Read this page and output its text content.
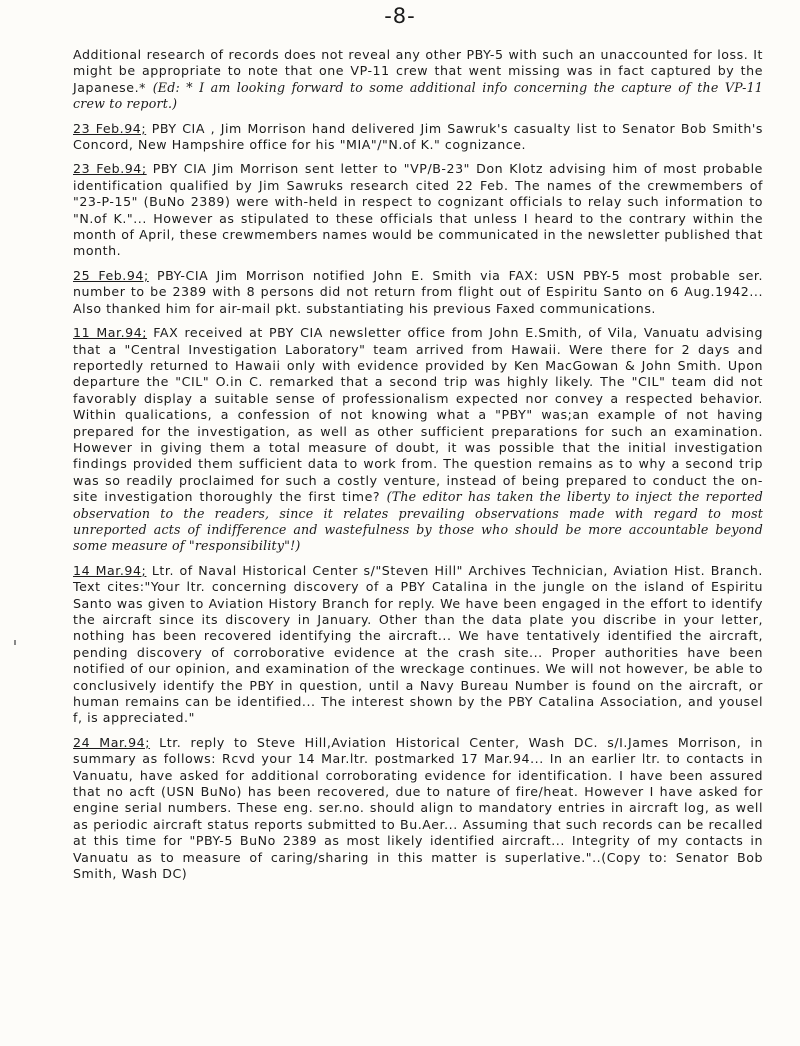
-8-

Additional research of records does not reveal any other PBY-5 with such an unaccounted for loss. It might be appropriate to note that one VP-11 crew that went missing was in fact captured by the Japanese.* (Ed: * I am looking forward to some additional info concerning the capture of the VP-11 crew to report.)

23 Feb.94; PBY CIA , Jim Morrison hand delivered Jim Sawruk's casualty list to Senator Bob Smith's Concord, New Hampshire office for his "MIA"/"N.of K." cognizance.

23 Feb.94; PBY CIA Jim Morrison sent letter to "VP/B-23" Don Klotz advising him of most probable identification qualified by Jim Sawruks research cited 22 Feb. The names of the crewmembers of "23-P-15" (BuNo 2389) were with-held in respect to cognizant officials to relay such information to "N.of K."... However as stipulated to these officials that unless I heard to the contrary within the month of April, these crewmembers names would be communicated in the newsletter published that month.

25 Feb.94; PBY-CIA Jim Morrison notified John E. Smith via FAX: USN PBY-5 most probable ser. number to be 2389 with 8 persons did not return from flight out of Espiritu Santo on 6 Aug.1942... Also thanked him for air-mail pkt. substantiating his previous Faxed communications.

11 Mar.94; FAX received at PBY CIA newsletter office from John E.Smith, of Vila, Vanuatu advising that a "Central Investigation Laboratory" team arrived from Hawaii. Were there for 2 days and reportedly returned to Hawaii only with evidence provided by Ken MacGowan & John Smith. Upon departure the "CIL" O.in C. remarked that a second trip was highly likely. The "CIL" team did not favorably display a suitable sense of professionalism expected nor convey a respected behavior. Within qualications, a confession of not knowing what a "PBY" was;an example of not having prepared for the investigation, as well as other sufficient preparations for such an examination. However in giving them a total measure of doubt, it was possible that the initial investigation findings provided them sufficient data to work from. The question remains as to why a second trip was so readily proclaimed for such a costly venture, instead of being prepared to conduct the on-site investigation thoroughly the first time? (The editor has taken the liberty to inject the reported observation to the readers, since it relates prevailing observations made with regard to most unreported acts of indifference and wastefulness by those who should be more accountable beyond some measure of "responsibility"!)

14 Mar.94; Ltr. of Naval Historical Center s/"Steven Hill" Archives Technician, Aviation Hist. Branch. Text cites:"Your ltr. concerning discovery of a PBY Catalina in the jungle on the island of Espiritu Santo was given to Aviation History Branch for reply. We have been engaged in the effort to identify the aircraft since its discovery in January. Other than the data plate you discribe in your letter, nothing has been recovered identifying the aircraft... We have tentatively identified the aircraft, pending discovery of corroborative evidence at the crash site... Proper authorities have been notified of our opinion, and examination of the wreckage continues. We will not however, be able to conclusively identify the PBY in question, until a Navy Bureau Number is found on the aircraft, or human remains can be identified... The interest shown by the PBY Catalina Association, and yousel f, is appreciated."

24 Mar.94; Ltr. reply to Steve Hill,Aviation Historical Center, Wash DC. s/I.James Morrison, in summary as follows: Rcvd your 14 Mar.ltr. postmarked 17 Mar.94... In an earlier ltr. to contacts in Vanuatu, have asked for additional corroborating evidence for identification. I have been assured that no acft (USN BuNo) has been recovered, due to nature of fire/heat. However I have asked for engine serial numbers. These eng. ser.no. should align to mandatory entries in aircraft log, as well as periodic aircraft status reports submitted to Bu.Aer... Assuming that such records can be recalled at this time for "PBY-5 BuNo 2389 as most likely identified aircraft... Integrity of my contacts in Vanuatu as to measure of caring/sharing in this matter is superlative."..(Copy to: Senator Bob Smith, Wash DC)
